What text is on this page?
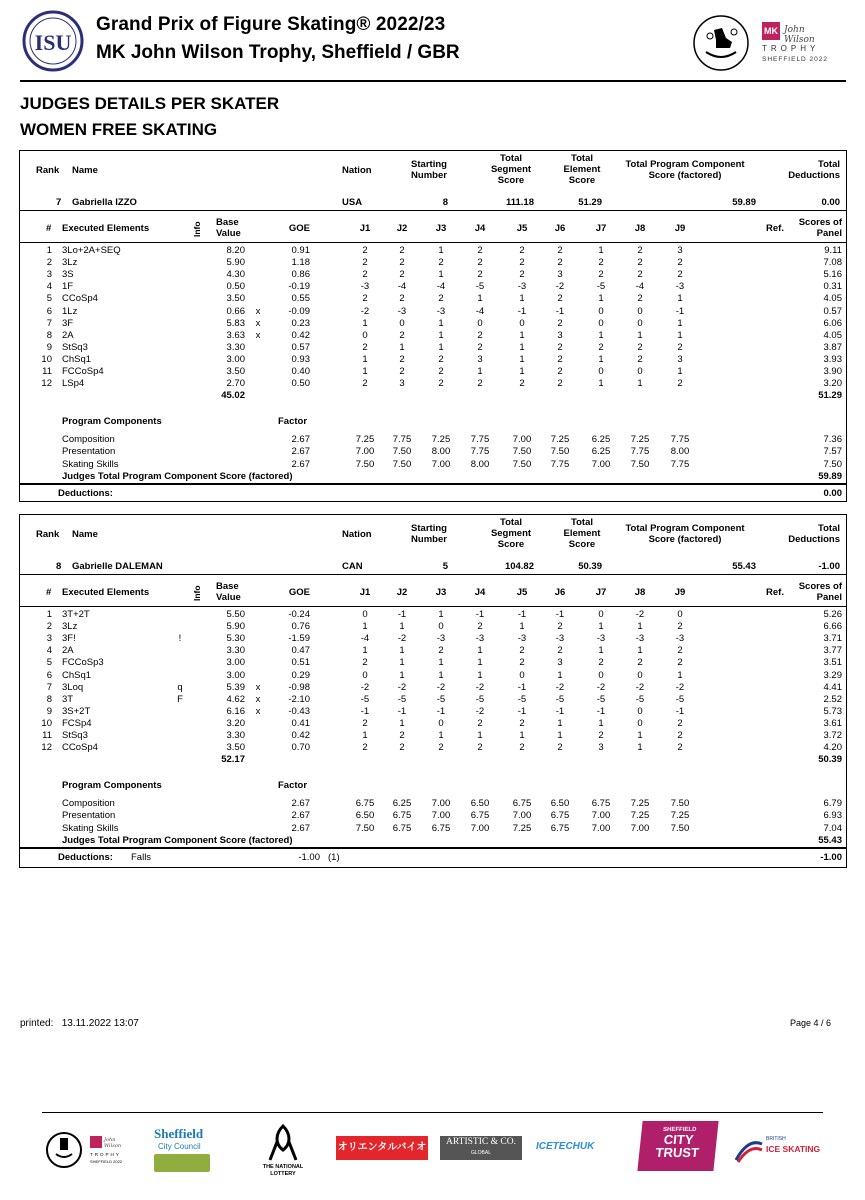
ISU
Grand Prix of Figure Skating® 2022/23
MK John Wilson Trophy, Sheffield / GBR
MK John Wilson
TROPHY
SHEFFIELD 2022
JUDGES DETAILS PER SKATER
WOMEN FREE SKATING
Rank Name	Nation
Starting
Number
Total
Segment
Score
Total
Element
Score
Total Program Component
Score (factored)
Total
Deductions
7 Gabriella IZZO	USA	8	111.18	51.29	59.89	0.00
# Executed Elements	Info Base
Value	GOE	J1	J2	J3	J4	J5	J6	J7	J8	J9	Ref.
Scores of
Panel
1 3Lo+2A+SEQ	8.20	0.91	2	2	1	2	2	2	1	2	3	9.11
2 3Lz	5.90	1.18	2	2	2	2	2	2	2	2	2	7.08
3 3S	4.30	0.86	2	2	1	2	2	3	2	2	2	5.16
4 1F	0.50	-0.19	-3	-4	-4	-5	-3	-2	-5	-4	-3	0.31
5 CCoSp4	3.50	0.55	2	2	2	1	1	2	1	2	1	4.05
6 1Lz	0.66 x	-0.09	-2	-3	-3	-4	-1	-1	0	0	-1	0.57
7 3F	5.83 x	0.23	1	0	1	0	0	2	0	0	1	6.06
8 2A	3.63 x	0.42	0	2	1	2	1	3	1	1	1	4.05
9 StSq3	3.30	0.57	2	1	1	2	1	2	2	2	2	3.87
10 ChSq1	3.00	0.93	1	2	2	3	1	2	1	2	3	3.93
11 FCCoSp4	3.50	0.40	1	2	2	1	1	2	0	0	1	3.90
12 LSp4	2.70	0.50	2	3	2	2	2	2	1	1	2	3.20
45.02	51.29
Program Components	Factor
Composition	2.67	7.25	7.75	7.25	7.75	7.00	7.25	6.25	7.25	7.75	7.36
Presentation	2.67	7.00	7.50	8.00	7.75	7.50	7.50	6.25	7.75	8.00	7.57
Skating Skills	2.67	7.50	7.50	7.00	8.00	7.50	7.75	7.00	7.50	7.75	7.50
Judges Total Program Component Score (factored)	59.89
Deductions:	0.00
Rank Name	Nation
Starting
Number
Total
Segment
Score
Total
Element
Score
Total Program Component
Score (factored)
Total
Deductions
8 Gabrielle DALEMAN	CAN	5	104.82	50.39	55.43	-1.00
# Executed Elements	Info Base
Value	GOE	J1	J2	J3	J4	J5	J6	J7	J8	J9	Ref.
Scores of
Panel
1 3T+2T	5.50	-0.24	0	-1	1	-1	-1	-1	0	-2	0	5.26
2 3Lz	5.90	0.76	1	1	0	2	1	2	1	1	2	6.66
3 3F!	!	5.30	-1.59	-4	-2	-3	-3	-3	-3	-3	-3	-3	3.71
4 2A	3.30	0.47	1	1	2	1	2	2	1	1	2	3.77
5 FCCoSp3	3.00	0.51	2	1	1	1	2	3	2	2	2	3.51
6 ChSq1	3.00	0.29	0	1	1	1	0	1	0	0	1	3.29
7 3Loq	q	5.39 x	-0.98	-2	-2	-2	-2	-1	-2	-2	-2	-2	4.41
8 3T	F	4.62 x	-2.10	-5	-5	-5	-5	-5	-5	-5	-5	-5	2.52
9 3S+2T	6.16 x	-0.43	-1	-1	-1	-2	-1	-1	-1	0	-1	5.73
10 FCSp4	3.20	0.41	2	1	0	2	2	1	1	0	2	3.61
11 StSq3	3.30	0.42	1	2	1	1	1	1	2	1	2	3.72
12 CCoSp4	3.50	0.70	2	2	2	2	2	2	3	1	2	4.20
52.17	50.39
Program Components	Factor
Composition	2.67	6.75	6.25	7.00	6.50	6.75	6.50	6.75	7.25	7.50	6.79
Presentation	2.67	6.50	6.75	7.00	6.75	7.00	6.75	7.00	7.25	7.25	6.93
Skating Skills	2.67	7.50	6.75	6.75	7.00	7.25	6.75	7.00	7.00	7.50	7.04
Judges Total Program Component Score (factored)	55.43
Deductions: Falls	-1.00 (1)	-1.00
printed: 13.11.2022 13:07	Page 4 / 6
John Wilson
TROPHY
SHEFFIELD 2022
Sheffield
City Council
THE NATIONAL
LOTTERY
オリエンタルバイオ	ARTISTIC & CO.
GLOBAL
ICETECHUK
SHEFFIELD
CITY
TRUST
BRITISH
ICE SKATING
